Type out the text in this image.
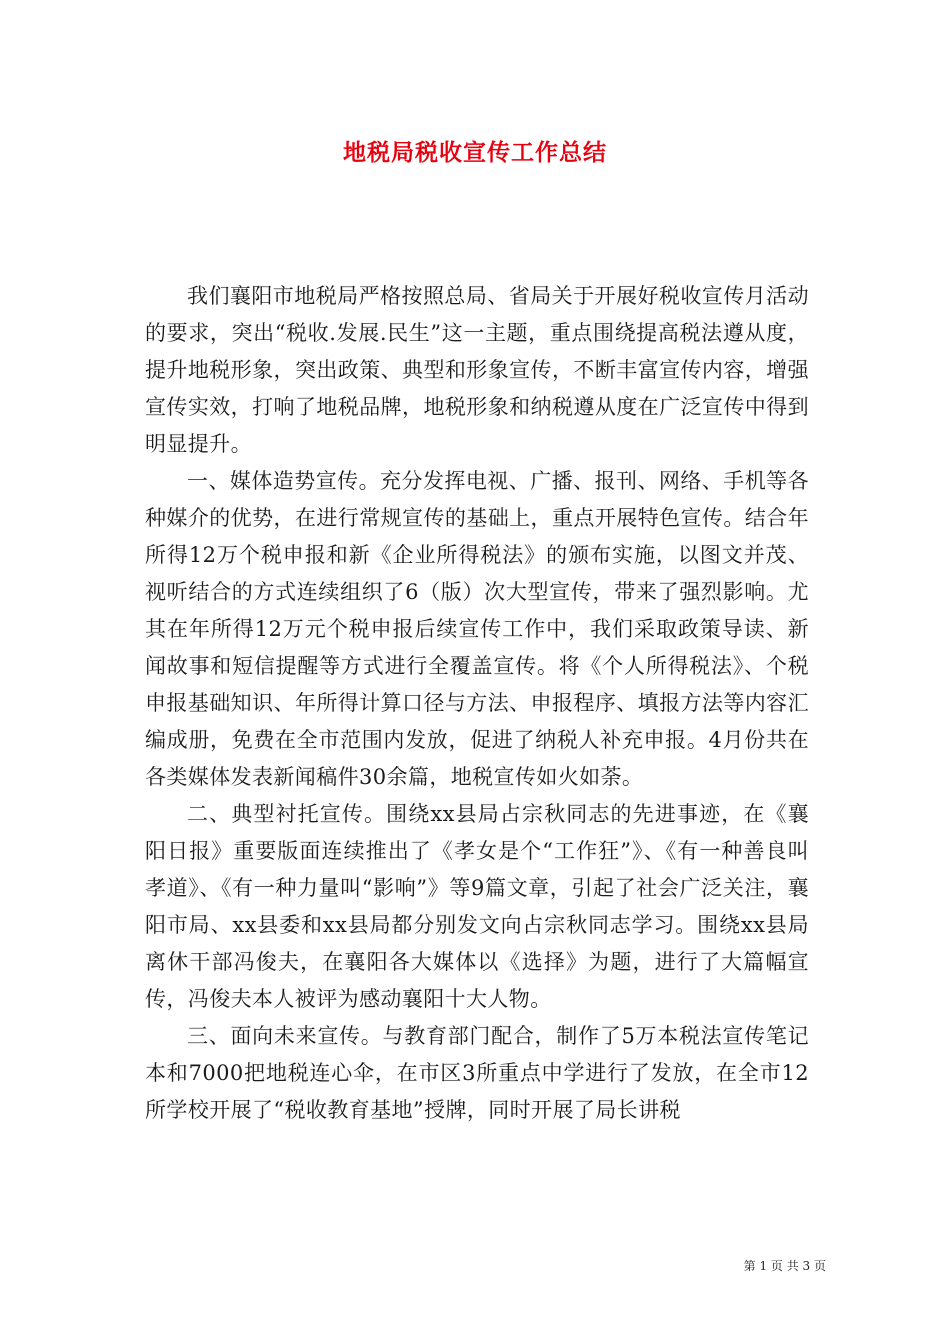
地税局税收宣传工作总结

我们襄阳市地税局严格按照总局、省局关于开展好税收宣传月活动的要求，突出“税收.发展.民生”这一主题，重点围绕提高税法遵从度，提升地税形象，突出政策、典型和形象宣传，不断丰富宣传内容，增强宣传实效，打响了地税品牌，地税形象和纳税遵从度在广泛宣传中得到明显提升。

一、媒体造势宣传。充分发挥电视、广播、报刊、网络、手机等各种媒介的优势，在进行常规宣传的基础上，重点开展特色宣传。结合年所得12万个税申报和新《企业所得税法》的颁布实施，以图文并茂、视听结合的方式连续组织了6（版）次大型宣传，带来了强烈影响。尤其在年所得12万元个税申报后续宣传工作中，我们采取政策导读、新闻故事和短信提醒等方式进行全覆盖宣传。将《个人所得税法》、个税申报基础知识、年所得计算口径与方法、申报程序、填报方法等内容汇编成册，免费在全市范围内发放，促进了纳税人补充申报。4月份共在各类媒体发表新闻稿件30余篇，地税宣传如火如荼。

二、典型衬托宣传。围绕xx县局占宗秋同志的先进事迹，在《襄阳日报》重要版面连续推出了《孝女是个“工作狂”》、《有一种善良叫孝道》、《有一种力量叫“影响”》等9篇文章，引起了社会广泛关注，襄阳市局、xx县委和xx县局都分别发文向占宗秋同志学习。围绕xx县局离休干部冯俊夫，在襄阳各大媒体以《选择》为题，进行了大篇幅宣传，冯俊夫本人被评为感动襄阳十大人物。

三、面向未来宣传。与教育部门配合，制作了5万本税法宣传笔记本和7000把地税连心伞，在市区3所重点中学进行了发放，在全市12所学校开展了“税收教育基地”授牌，同时开展了局长讲税

第 1 页 共 3 页
